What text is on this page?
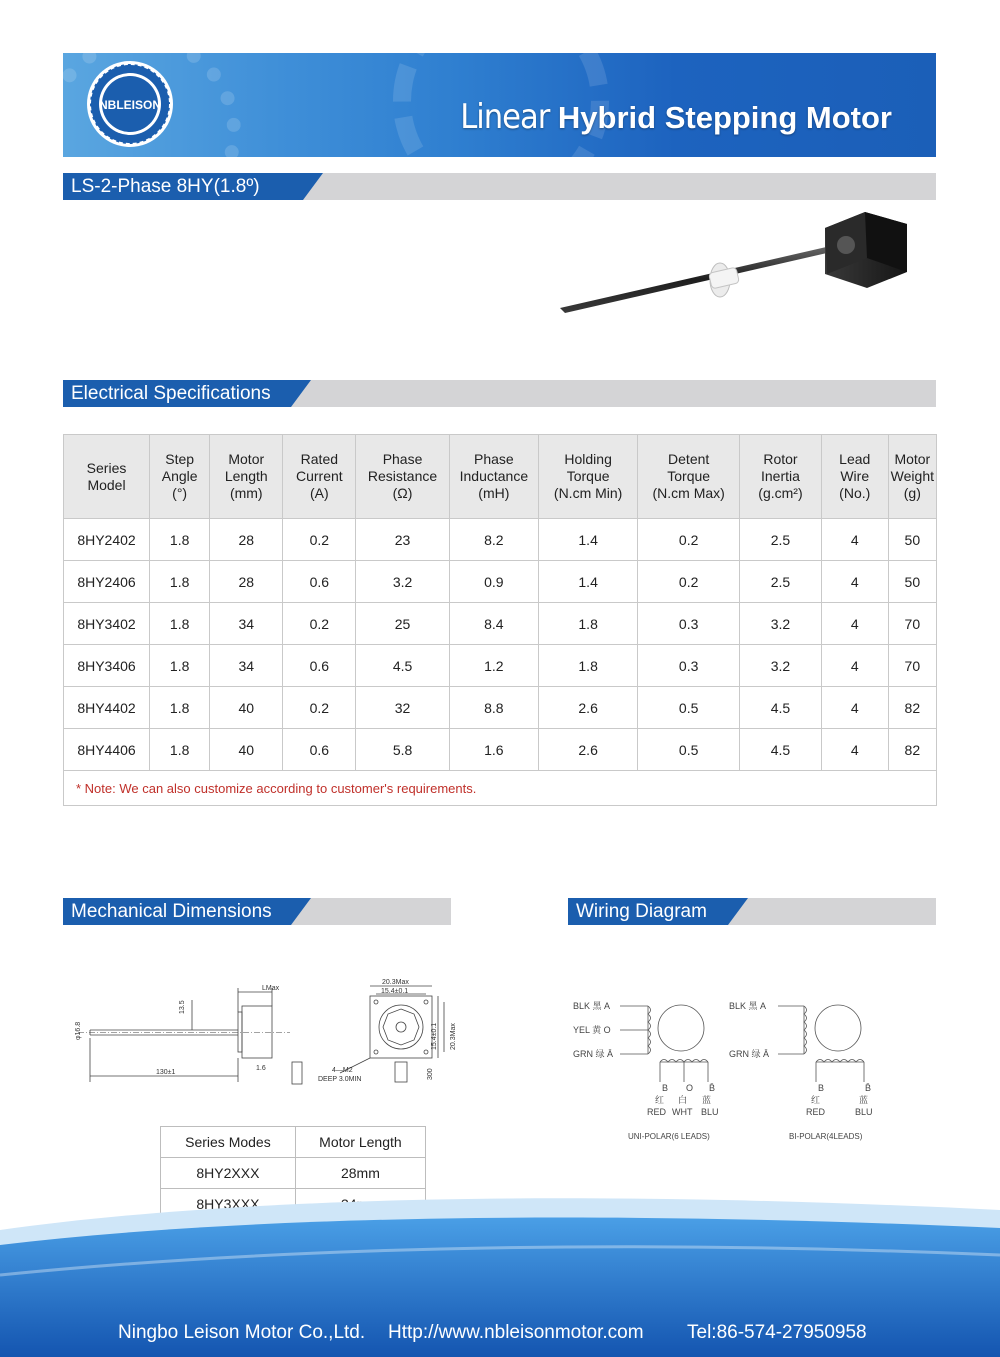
NBLEISON	Linear Hybrid Stepping Motor
LS-2-Phase 8HY(1.8º)
Electrical Specifications
Series
Model	Step
Angle
(°)	Motor
Length
(mm)	Rated
Current
(A)	Phase
Resistance
(Ω)	Phase
Inductance
(mH)	Holding
Torque
(N.cm Min)	Detent
Torque
(N.cm Max)	Rotor
Inertia
(g.cm²)	Lead
Wire
(No.)	Motor
Weight
(g)
8HY2402	1.8	28	0.2	23	8.2	1.4	0.2	2.5	4	50
8HY2406	1.8	28	0.6	3.2	0.9	1.4	0.2	2.5	4	50
8HY3402	1.8	34	0.2	25	8.4	1.8	0.3	3.2	4	70
8HY3406	1.8	34	0.6	4.5	1.2	1.8	0.3	3.2	4	70
8HY4402	1.8	40	0.2	32	8.8	2.6	0.5	4.5	4	82
8HY4406	1.8	40	0.6	5.8	1.6	2.6	0.5	4.5	4	82
* Note: We can also customize according to customer's requirements.										
Mechanical Dimensions	Wiring Diagram
LMax
13.5
φ16.8
130±1
1.6
20.3Max
15.4±0.1
15.4±0.1 20.3Max
4—M2
DEEP 3.0MIN	300
BLK 黑 A
YEL 黄 O
GRN 绿 Ā
B O B̄
红 白 蓝
RED WHT BLU
UNI-POLAR(6 LEADS)
BLK 黑 A
GRN 绿 Ā
B	B̄
红	蓝
RED	BLU
BI-POLAR(4LEADS)
Series Modes	Motor Length
8HY2XXX	28mm
8HY3XXX	

Ningbo Leison Motor Co.,Ltd. Http://www.nbleisonmotor.com Tel:86-574-27950958
